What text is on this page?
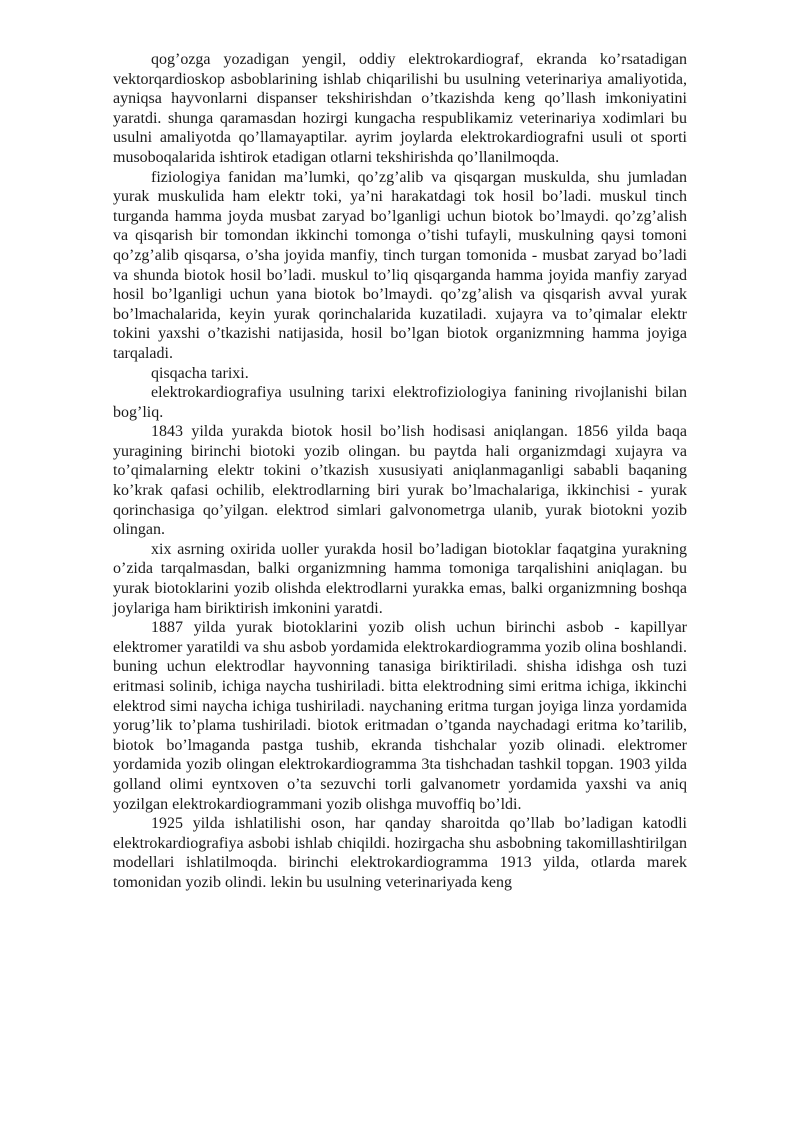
qog’ozga yozadigan yengil, oddiy elektrokardiograf, ekranda ko’rsatadigan vektorqardioskop asboblarining ishlab chiqarilishi bu usulning veterinariya amaliyotida, ayniqsa hayvonlarni dispanser tekshirishdan o’tkazishda keng qo’llash imkoniyatini yaratdi. shunga qaramasdan hozirgi kungacha respublikamiz veterinariya xodimlari bu usulni amaliyotda qo’llamayaptilar. ayrim joylarda elektrokardiografni usuli ot sporti musoboqalarida ishtirok etadigan otlarni tekshirishda qo’llanilmoqda.

fiziologiya fanidan ma’lumki, qo’zg’alib va qisqargan muskulda, shu jumladan yurak muskulida ham elektr toki, ya’ni harakatdagi tok hosil bo’ladi. muskul tinch turganda hamma joyda musbat zaryad bo’lganligi uchun biotok bo’lmaydi. qo’zg’alish va qisqarish bir tomondan ikkinchi tomonga o’tishi tufayli, muskulning qaysi tomoni qo’zg’alib qisqarsa, o’sha joyida manfiy, tinch turgan tomonida - musbat zaryad bo’ladi va shunda biotok hosil bo’ladi. muskul to’liq qisqarganda hamma joyida manfiy zaryad hosil bo’lganligi uchun yana biotok bo’lmaydi. qo’zg’alish va qisqarish avval yurak bo’lmachalarida, keyin yurak qorinchalarida kuzatiladi. xujayra va to’qimalar elektr tokini yaxshi o’tkazishi natijasida, hosil bo’lgan biotok organizmning hamma joyiga tarqaladi.

qisqacha tarixi.

elektrokardiografiya usulning tarixi elektrofiziologiya fanining rivojlanishi bilan bog’liq.

1843 yilda yurakda biotok hosil bo’lish hodisasi aniqlangan. 1856 yilda baqa yuragining birinchi biotoki yozib olingan. bu paytda hali organizmdagi xujayra va to’qimalarning elektr tokini o’tkazish xususiyati aniqlanmaganligi sababli baqaning ko’krak qafasi ochilib, elektrodlarning biri yurak bo’lmachalariga, ikkinchisi - yurak qorinchasiga qo’yilgan. elektrod simlari galvonometrga ulanib, yurak biotokni yozib olingan.

xix asrning oxirida uoller yurakda hosil bo’ladigan biotoklar faqatgina yurakning o’zida tarqalmasdan, balki organizmning hamma tomoniga tarqalishini aniqlagan. bu yurak biotoklarini yozib olishda elektrodlarni yurakka emas, balki organizmning boshqa joylariga ham biriktirish imkonini yaratdi.

1887 yilda yurak biotoklarini yozib olish uchun birinchi asbob - kapillyar elektromer yaratildi va shu asbob yordamida elektrokardiogramma yozib olina boshlandi. buning uchun elektrodlar hayvonning tanasiga biriktiriladi. shisha idishga osh tuzi eritmasi solinib, ichiga naycha tushiriladi. bitta elektrodning simi eritma ichiga, ikkinchi elektrod simi naycha ichiga tushiriladi. naychaning eritma turgan joyiga linza yordamida yorug’lik to’plama tushiriladi. biotok eritmadan o’tganda naychadagi eritma ko’tarilib, biotok bo’lmaganda pastga tushib, ekranda tishchalar yozib olinadi. elektromer yordamida yozib olingan elektrokardiogramma 3ta tishchadan tashkil topgan. 1903 yilda golland olimi eyntxoven o’ta sezuvchi torli galvanometr yordamida yaxshi va aniq yozilgan elektrokardiogrammani yozib olishga muvoffiq bo’ldi.

1925 yilda ishlatilishi oson, har qanday sharoitda qo’llab bo’ladigan katodli elektrokardiografiya asbobi ishlab chiqildi. hozirgacha shu asbobning takomillashtirilgan modellari ishlatilmoqda. birinchi elektrokardiogramma 1913 yilda, otlarda marek tomonidan yozib olindi. lekin bu usulning veterinariyada keng
